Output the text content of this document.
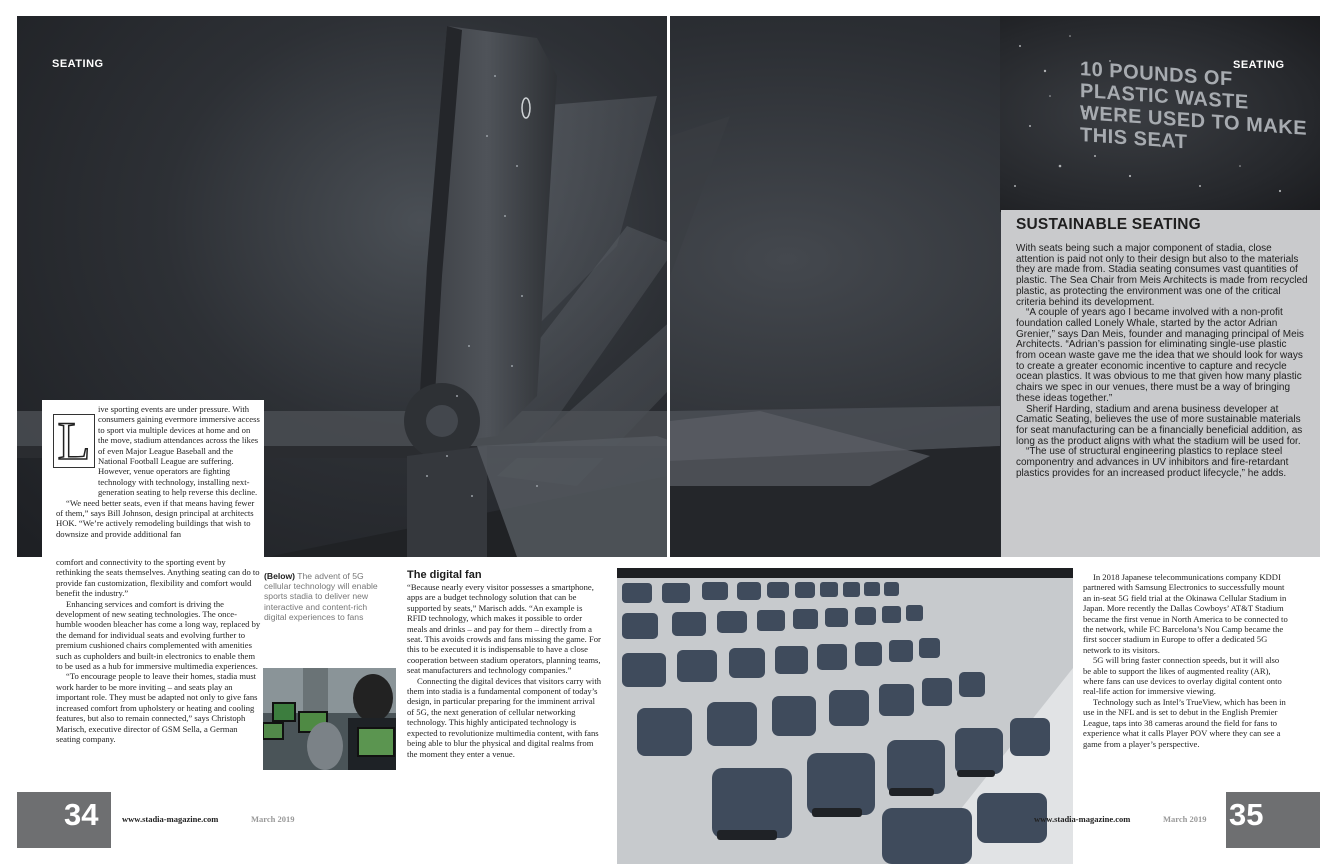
10 POUNDS OF PLASTIC WASTE WERE USED TO MAKE THIS SEAT
SEATING	SEATING
SUSTAINABLE SEATING

With seats being such a major component of stadia, close attention is paid not only to their design but also to the materials they are made from. Stadia seating consumes vast quantities of plastic. The Sea Chair from Meis Architects is made from recycled plastic, as protecting the environment was one of the critical criteria behind its development.

“A couple of years ago I became involved with a non-profit foundation called Lonely Whale, started by the actor Adrian Grenier,” says Dan Meis, founder and managing principal of Meis Architects. “Adrian’s passion for eliminating single-use plastic from ocean waste gave me the idea that we should look for ways to create a greater economic incentive to capture and recycle ocean plastics. It was obvious to me that given how many plastic chairs we spec in our venues, there must be a way of bringing these ideas together.”

Sherif Harding, stadium and arena business developer at Camatic Seating, believes the use of more sustainable materials for seat manufacturing can be a financially beneficial addition, as long as the product aligns with what the stadium will be used for.

“The use of structural engineering plastics to replace steel componentry and advances in UV inhibitors and fire-retardant plastics provides for an increased product lifecycle,” he adds.

ive sporting events are under pressure. With consumers gaining evermore immersive access to sport via multiple devices at home and on the move, stadium attendances across the likes of even Major League Baseball and the National Football League are suffering. However, venue operators are fighting technology with technology, installing next-generation seating to help reverse this decline.

“We need better seats, even if that means having fewer of them,” says Bill Johnson, design principal at architects HOK. “We’re actively remodeling buildings that wish to downsize and provide additional fan

L

comfort and connectivity to the sporting event by rethinking the seats themselves. Anything seating can do to provide fan customization, flexibility and comfort would benefit the industry.”

Enhancing services and comfort is driving the development of new seating technologies. The once-humble wooden bleacher has come a long way, replaced by the demand for individual seats and evolving further to premium cushioned chairs complemented with amenities such as cupholders and built-in electronics to enable them to be used as a hub for immersive multimedia experiences.

“To encourage people to leave their homes, stadia must work harder to be more inviting – and seats play an important role. They must be adapted not only to give fans increased comfort from upholstery or heating and cooling features, but also to remain connected,” says Christoph Marisch, executive director of GSM Sella, a German seating company.

(Below) The advent of 5G cellular technology will enable sports stadia to deliver new interactive and content-rich digital experiences to fans
The digital fan

“Because nearly every visitor possesses a smartphone, apps are a budget technology solution that can be supported by seats,” Marisch adds. “An example is RFID technology, which makes it possible to order meals and drinks – and pay for them – directly from a seat. This avoids crowds and fans missing the game. For this to be executed it is indispensable to have a close cooperation between stadium operators, planning teams, seat manufacturers and technology companies.”

Connecting the digital devices that visitors carry with them into stadia is a fundamental component of today’s design, in particular preparing for the imminent arrival of 5G, the next generation of cellular networking technology. This highly anticipated technology is expected to revolutionize multimedia content, with fans being able to blur the physical and digital realms from the moment they enter a venue.

In 2018 Japanese telecommunications company KDDI partnered with Samsung Electronics to successfully mount an in-seat 5G field trial at the Okinawa Cellular Stadium in Japan. More recently the Dallas Cowboys’ AT&T Stadium became the first venue in North America to be connected to the network, while FC Barcelona’s Nou Camp became the first soccer stadium in Europe to offer a dedicated 5G network to its visitors.

5G will bring faster connection speeds, but it will also be able to support the likes of augmented reality (AR), where fans can use devices to overlay digital content onto real-life action for immersive viewing.

Technology such as Intel’s TrueView, which has been in use in the NFL and is set to debut in the English Premier League, taps into 38 cameras around the field for fans to experience what it calls Player POV where they can see a game from a player’s perspective.

34	www.stadia-magazine.com	March 2019	35
www.stadia-magazine.com	March 2019
